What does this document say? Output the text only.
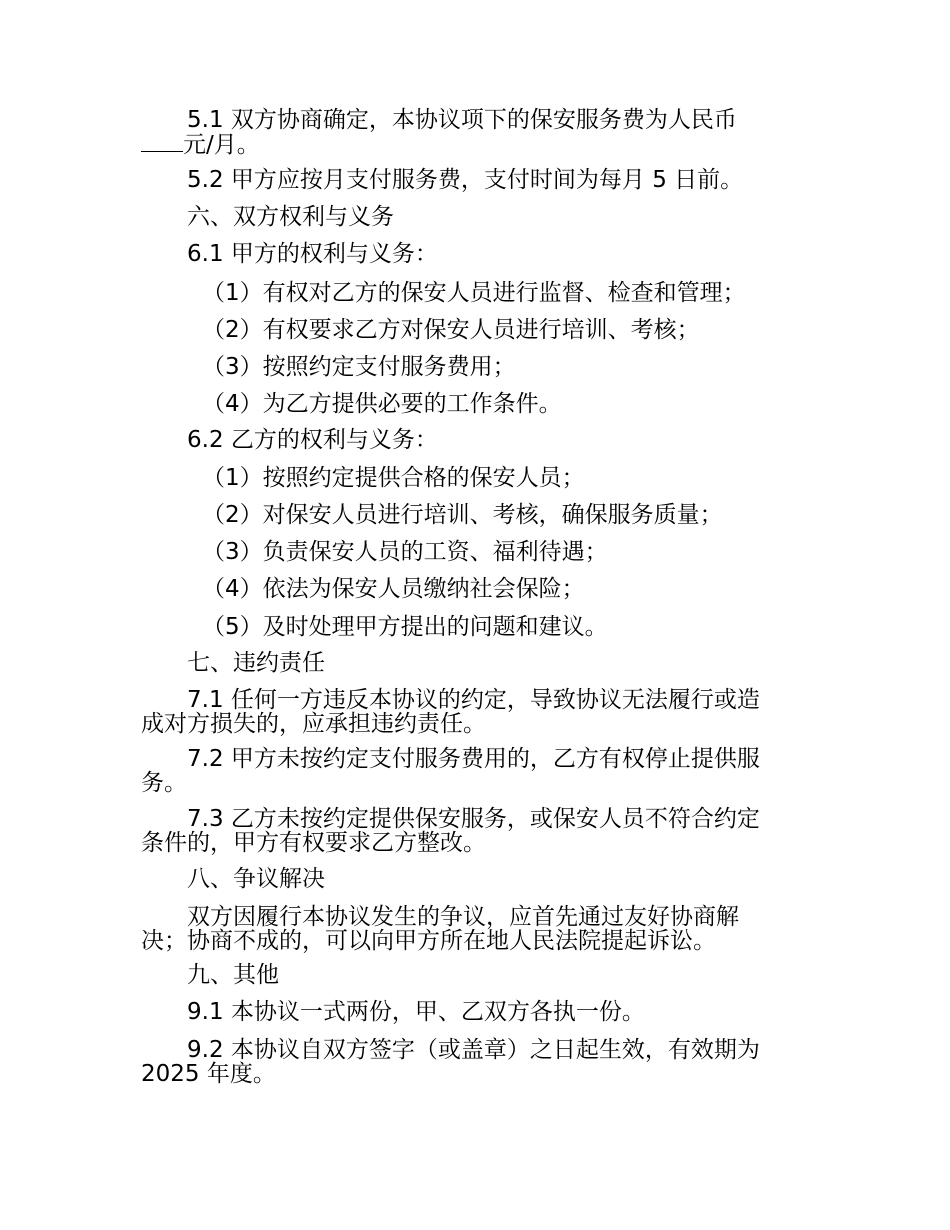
5.1 双方协商确定，本协议项下的保安服务费为人民币
元/月。
5.2 甲方应按月支付服务费，支付时间为每月 5 日前。
六、双方权利与义务
6.1 甲方的权利与义务：
（1）有权对乙方的保安人员进行监督、检查和管理；
（2）有权要求乙方对保安人员进行培训、考核；
（3）按照约定支付服务费用；
（4）为乙方提供必要的工作条件。
6.2 乙方的权利与义务：
（1）按照约定提供合格的保安人员；
（2）对保安人员进行培训、考核，确保服务质量；
（3）负责保安人员的工资、福利待遇；
（4）依法为保安人员缴纳社会保险；
（5）及时处理甲方提出的问题和建议。
七、违约责任
7.1 任何一方违反本协议的约定，导致协议无法履行或造
成对方损失的，应承担违约责任。
7.2 甲方未按约定支付服务费用的，乙方有权停止提供服
务。
7.3 乙方未按约定提供保安服务，或保安人员不符合约定
条件的，甲方有权要求乙方整改。
八、争议解决
双方因履行本协议发生的争议，应首先通过友好协商解
决；协商不成的，可以向甲方所在地人民法院提起诉讼。
九、其他
9.1 本协议一式两份，甲、乙双方各执一份。
9.2 本协议自双方签字（或盖章）之日起生效，有效期为
2025 年度。
